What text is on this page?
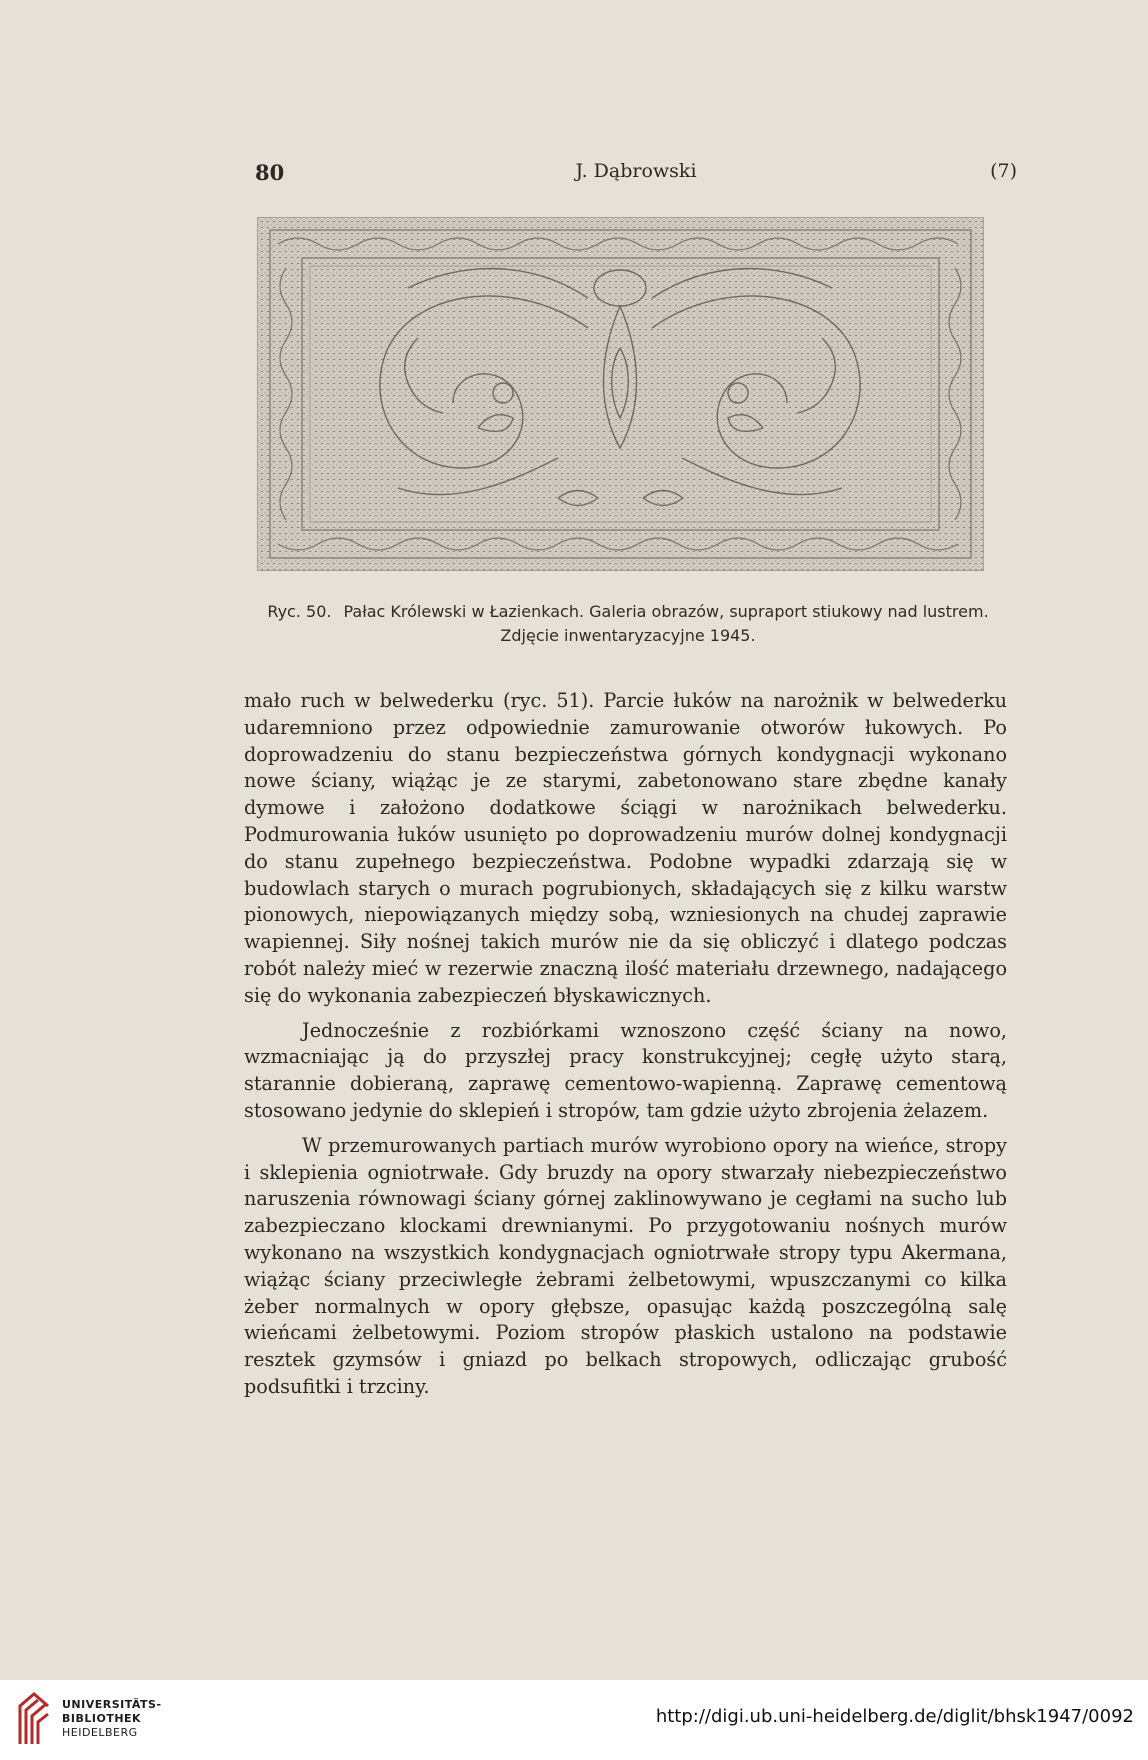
80	J. Dąbrowski	(7)
Ryc. 50. Pałac Królewski w Łazienkach. Galeria obrazów, supraport stiukowy nad lustrem. Zdjęcie inwentaryzacyjne 1945.

mało ruch w belwederku (ryc. 51). Parcie łuków na narożnik w belwederku udaremniono przez odpowiednie zamurowanie otworów łukowych. Po doprowadzeniu do stanu bezpieczeństwa górnych kondygnacji wykonano nowe ściany, wiążąc je ze starymi, zabetonowano stare zbędne kanały dymowe i założono dodatkowe ściągi w narożnikach belwederku. Podmurowania łuków usunięto po doprowadzeniu murów dolnej kondygnacji do stanu zupełnego bezpieczeństwa. Podobne wypadki zdarzają się w budowlach starych o murach pogrubionych, składających się z kilku warstw pionowych, niepowiązanych między sobą, wzniesionych na chudej zaprawie wapiennej. Siły nośnej takich murów nie da się obliczyć i dlatego podczas robót należy mieć w rezerwie znaczną ilość materiału drzewnego, nadającego się do wykonania zabezpieczeń błyskawicznych.

Jednocześnie z rozbiórkami wznoszono część ściany na nowo, wzmacniając ją do przyszłej pracy konstrukcyjnej; cegłę użyto starą, starannie dobieraną, zaprawę cementowo-wapienną. Zaprawę cementową stosowano jedynie do sklepień i stropów, tam gdzie użyto zbrojenia żelazem.

W przemurowanych partiach murów wyrobiono opory na wieńce, stropy i sklepienia ogniotrwałe. Gdy bruzdy na opory stwarzały niebezpieczeństwo naruszenia równowagi ściany górnej zaklinowywano je cegłami na sucho lub zabezpieczano klockami drewnianymi. Po przygotowaniu nośnych murów wykonano na wszystkich kondygnacjach ogniotrwałe stropy typu Akermana, wiążąc ściany przeciwległe żebrami żelbetowymi, wpuszczanymi co kilka żeber normalnych w opory głębsze, opasując każdą poszczególną salę wieńcami żelbetowymi. Poziom stropów płaskich ustalono na podstawie resztek gzymsów i gniazd po belkach stropowych, odliczając grubość podsufitki i trzciny.

UNIVERSITÄTS-
BIBLIOTHEK
HEIDELBERG
http://digi.ub.uni-heidelberg.de/diglit/bhsk1947/0092
